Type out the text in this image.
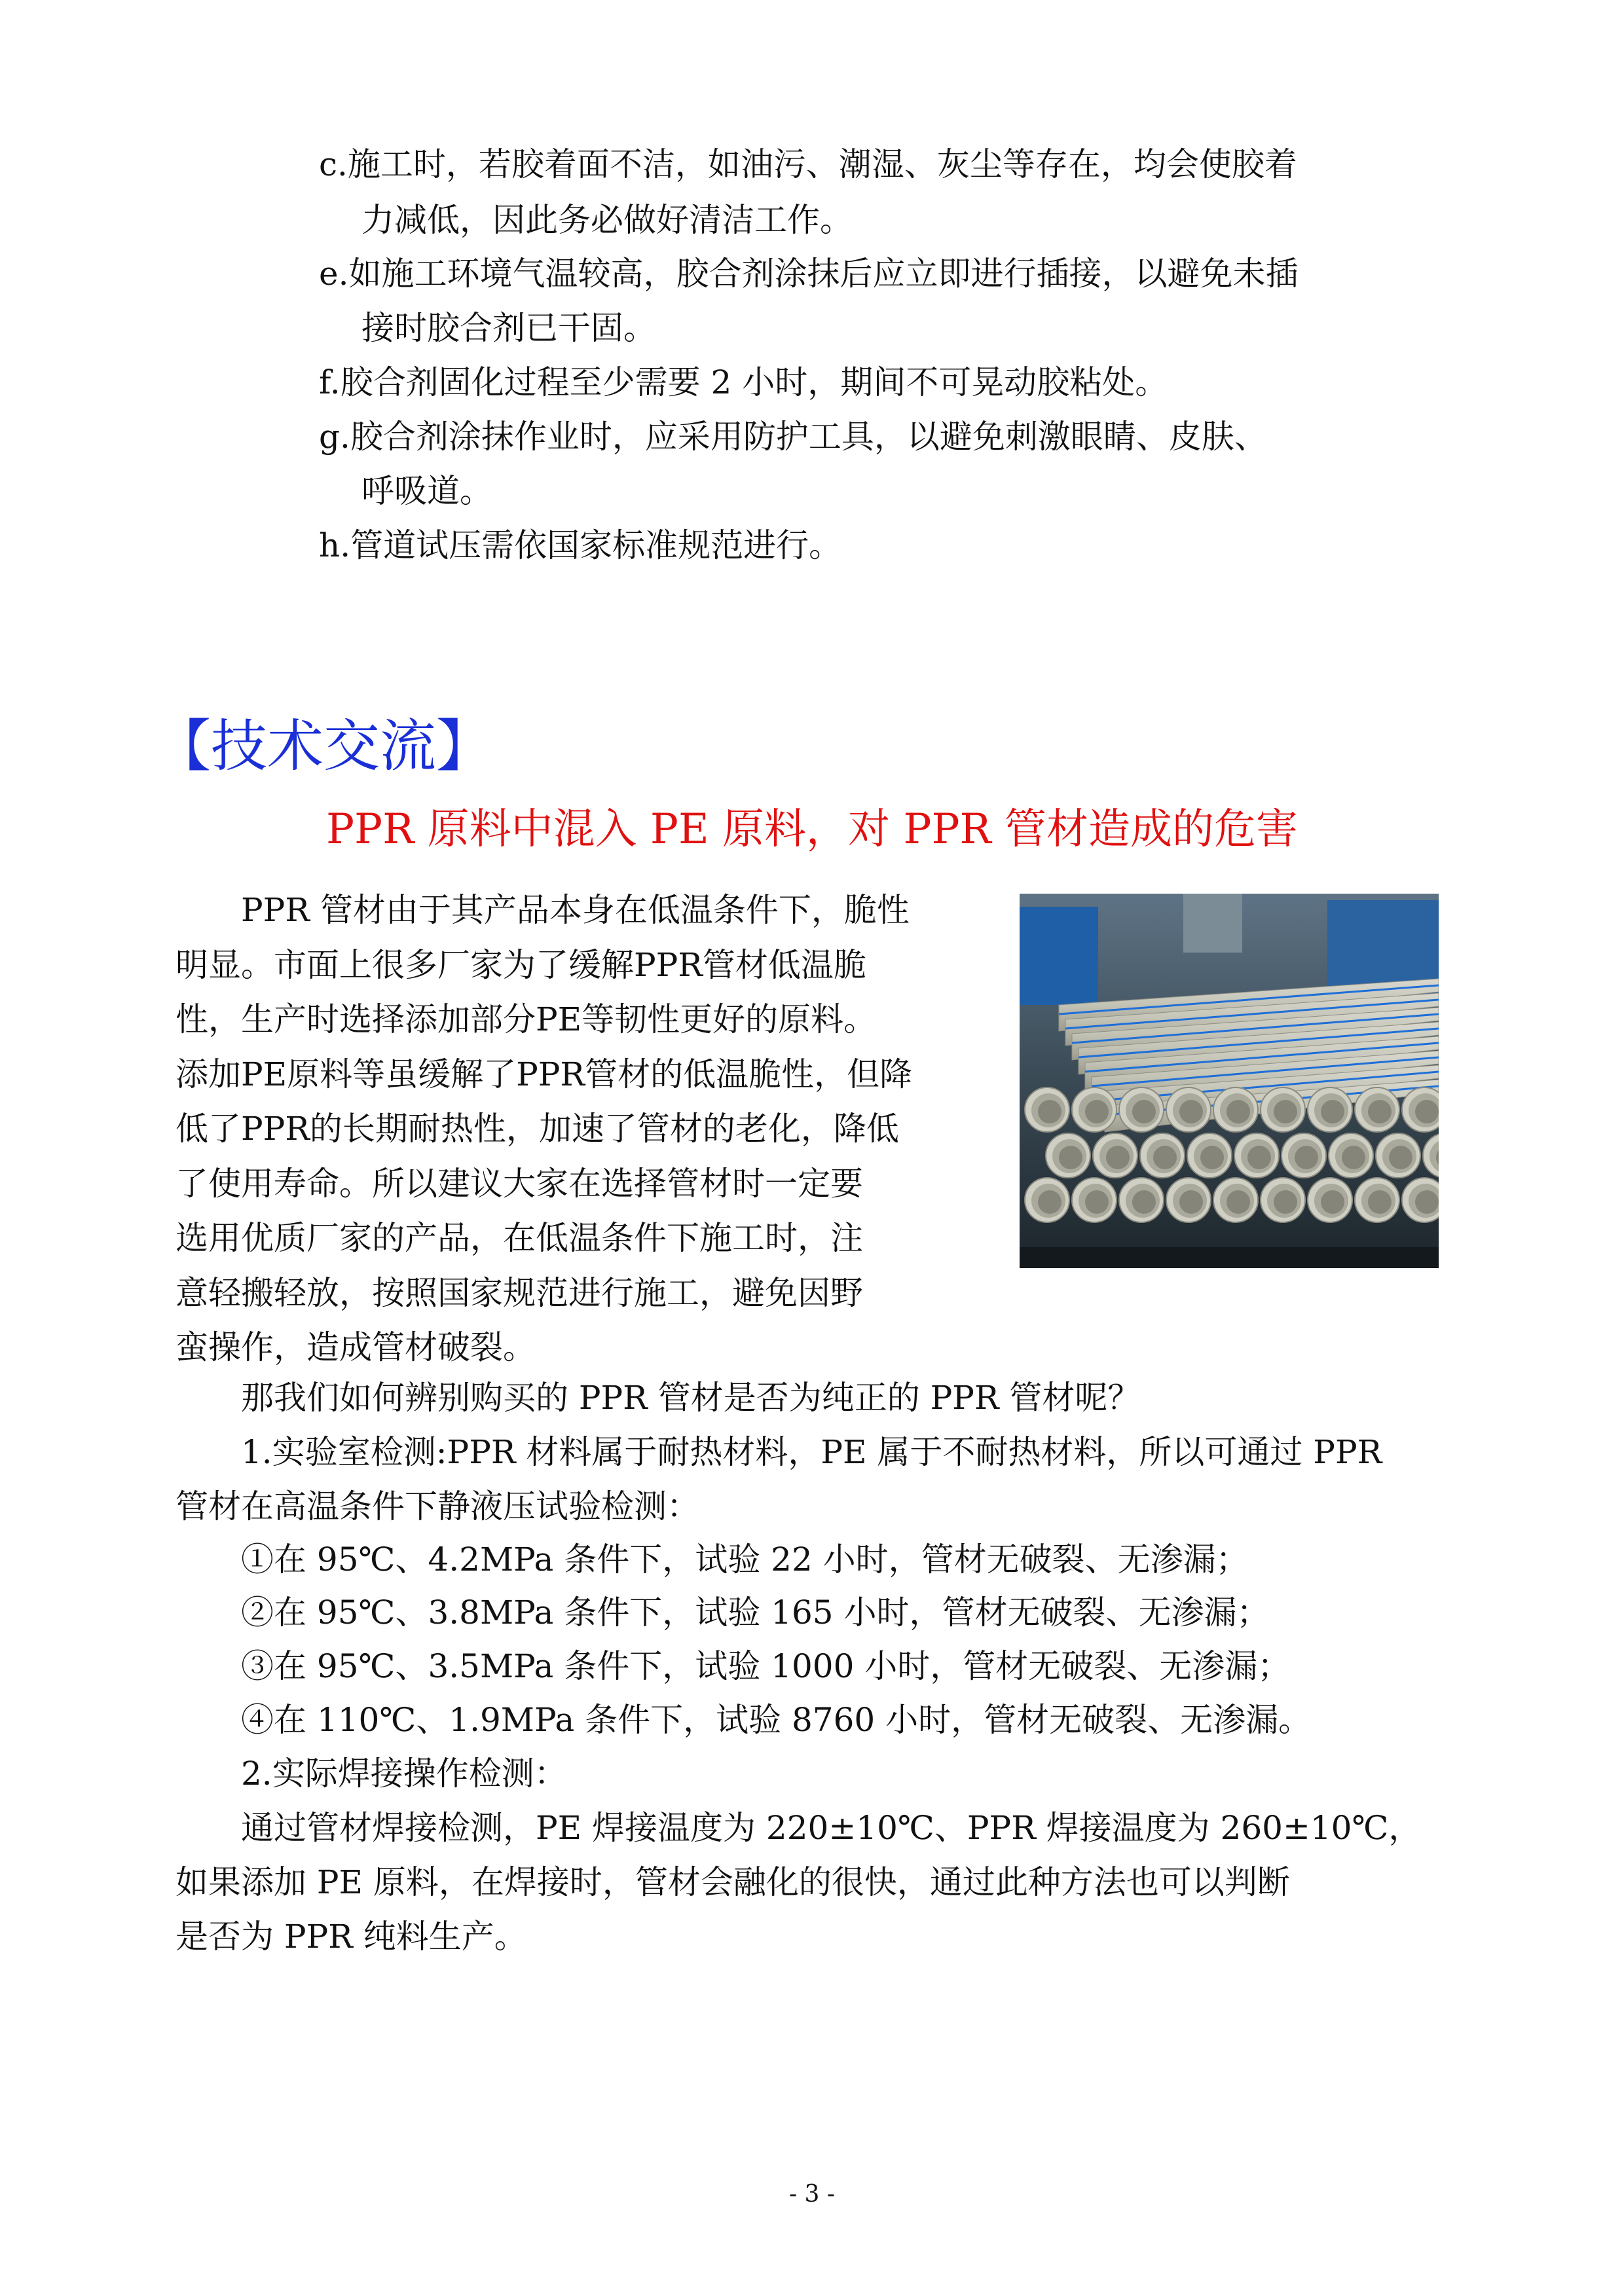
c.施工时，若胶着面不洁，如油污、潮湿、灰尘等存在，均会使胶着
力减低，因此务必做好清洁工作。
e.如施工环境气温较高，胶合剂涂抹后应立即进行插接，以避免未插
接时胶合剂已干固。
f.胶合剂固化过程至少需要 2 小时，期间不可晃动胶粘处。
g.胶合剂涂抹作业时，应采用防护工具，以避免刺激眼睛、皮肤、
呼吸道。
h.管道试压需依国家标准规范进行。
【技术交流】
PPR 原料中混入 PE 原料，对 PPR 管材造成的危害
　　PPR 管材由于其产品本身在低温条件下，脆性
明显。市面上很多厂家为了缓解PPR管材低温脆
性，生产时选择添加部分PE等韧性更好的原料。
添加PE原料等虽缓解了PPR管材的低温脆性，但降
低了PPR的长期耐热性，加速了管材的老化，降低
了使用寿命。所以建议大家在选择管材时一定要
选用优质厂家的产品，在低温条件下施工时，注
意轻搬轻放，按照国家规范进行施工，避免因野
蛮操作，造成管材破裂。
　　那我们如何辨别购买的 PPR 管材是否为纯正的 PPR 管材呢？
　　1.实验室检测:PPR 材料属于耐热材料，PE 属于不耐热材料，所以可通过 PPR
管材在高温条件下静液压试验检测：
　　①在 95℃、4.2MPa 条件下，试验 22 小时，管材无破裂、无渗漏；
　　②在 95℃、3.8MPa 条件下，试验 165 小时，管材无破裂、无渗漏；
　　③在 95℃、3.5MPa 条件下，试验 1000 小时，管材无破裂、无渗漏；
　　④在 110℃、1.9MPa 条件下，试验 8760 小时，管材无破裂、无渗漏。
　　2.实际焊接操作检测：
　　通过管材焊接检测，PE 焊接温度为 220±10℃、PPR 焊接温度为 260±10℃，
如果添加 PE 原料，在焊接时，管材会融化的很快，通过此种方法也可以判断
是否为 PPR 纯料生产。
- 3 -
